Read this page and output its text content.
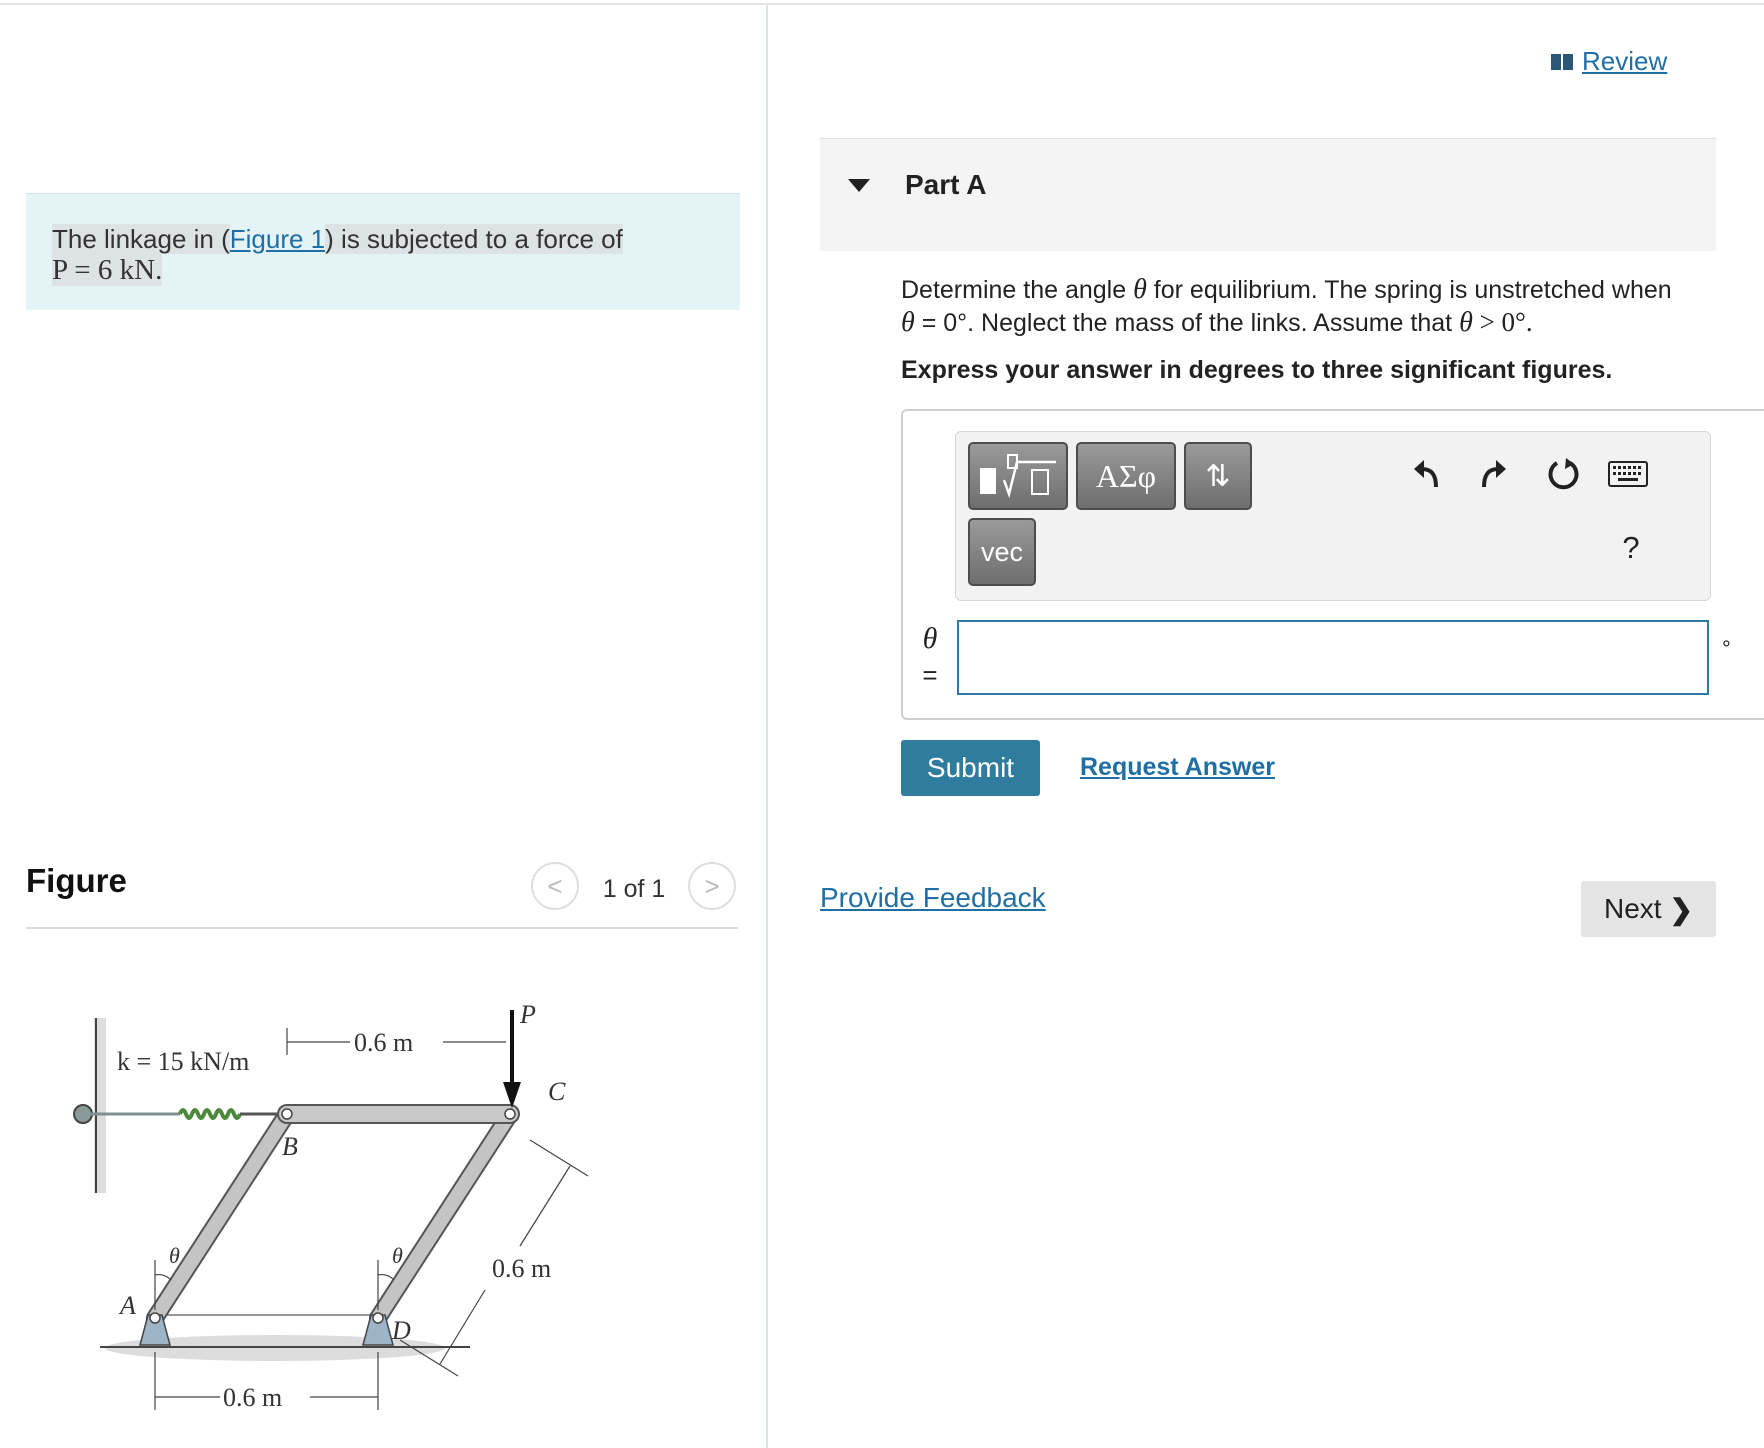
The linkage in (Figure 1) is subjected to a force of
P = 6 kN.
Figure	<	1 of 1	>
k = 15 kN/m
0.6 m
P
B
C
A
D
θ	θ	0.6 m
0.6 m
Review
Part A
Determine the angle θ for equilibrium. The spring is unstretched when
θ = 0°. Neglect the mass of the links. Assume that θ > 0°.
Express your answer in degrees to three significant figures.
ΑΣφ	⇅
vec	?
θ
=
°
Submit	Request Answer
Provide Feedback	Next ❯
